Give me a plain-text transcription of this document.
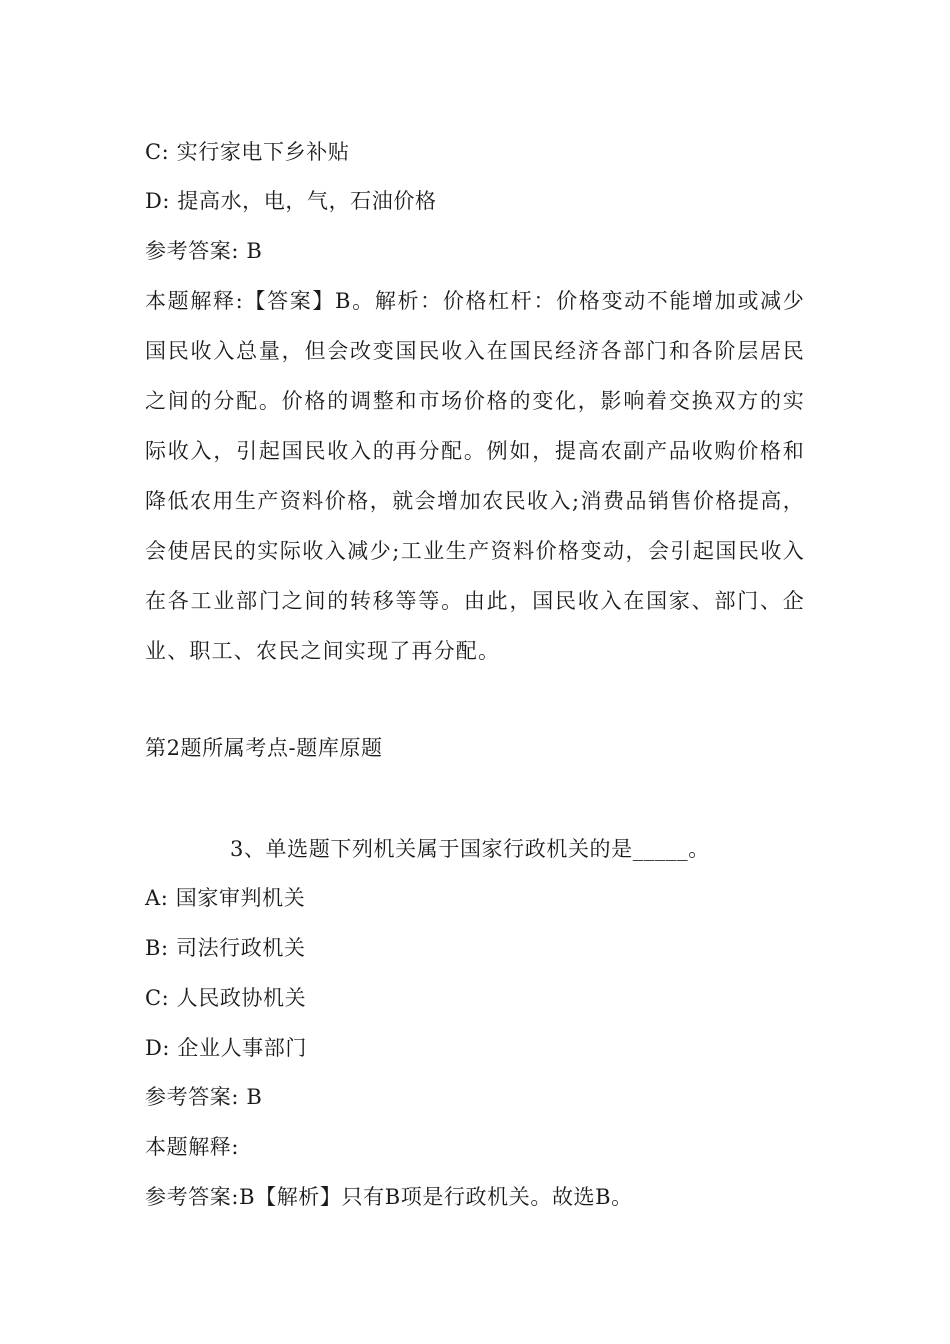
C: 实行家电下乡补贴
D: 提高水，电，气，石油价格
参考答案: B
本题解释:【答案】B。解析：价格杠杆：价格变动不能增加或减少国民收入总量，但会改变国民收入在国民经济各部门和各阶层居民之间的分配。价格的调整和市场价格的变化，影响着交换双方的实际收入，引起国民收入的再分配。例如，提高农副产品收购价格和降低农用生产资料价格，就会增加农民收入;消费品销售价格提高，会使居民的实际收入减少;工业生产资料价格变动，会引起国民收入在各工业部门之间的转移等等。由此，国民收入在国家、部门、企业、职工、农民之间实现了再分配。
第2题所属考点-题库原题
3、单选题下列机关属于国家行政机关的是_____。
A: 国家审判机关
B: 司法行政机关
C: 人民政协机关
D: 企业人事部门
参考答案: B
本题解释:
参考答案:B【解析】只有B项是行政机关。故选B。
